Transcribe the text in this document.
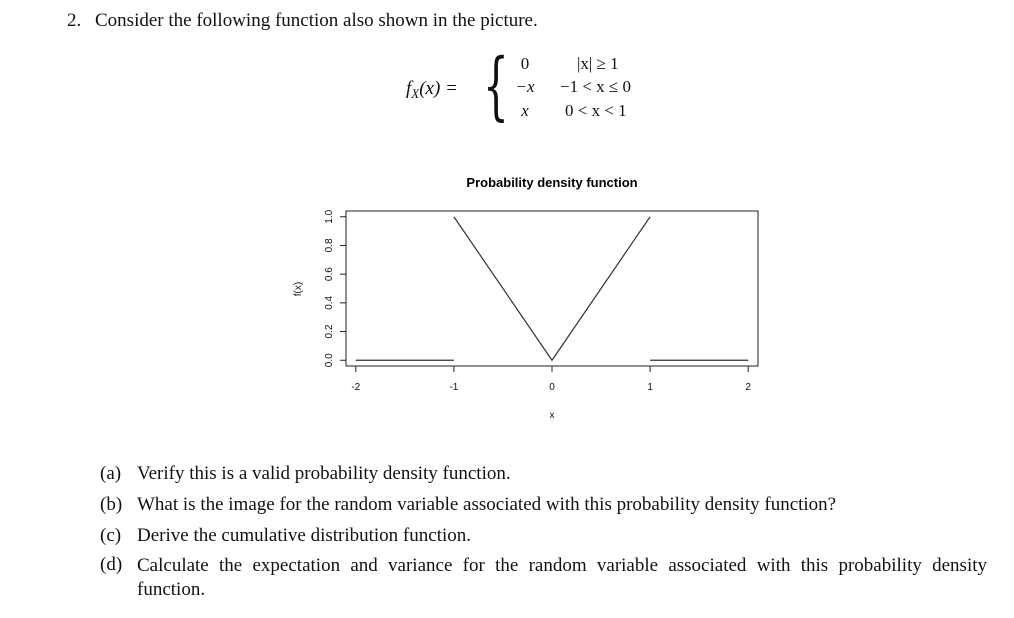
2. Consider the following function also shown in the picture.
$f_X(x)$ = { 0	|x| ≥ 1
−x	−1 < x ≤ 0
x	0 < x < 1
Probability density function
0.0
0.2
0.4
0.6
0.8
1.0
-2	-1	0	1	2
x
f(x)
(a) Verify this is a valid probability density function.
(b) What is the image for the random variable associated with this probability density function?
(c) Derive the cumulative distribution function.
(d) Calculate the expectation and variance for the random variable associated with this probability density function.
